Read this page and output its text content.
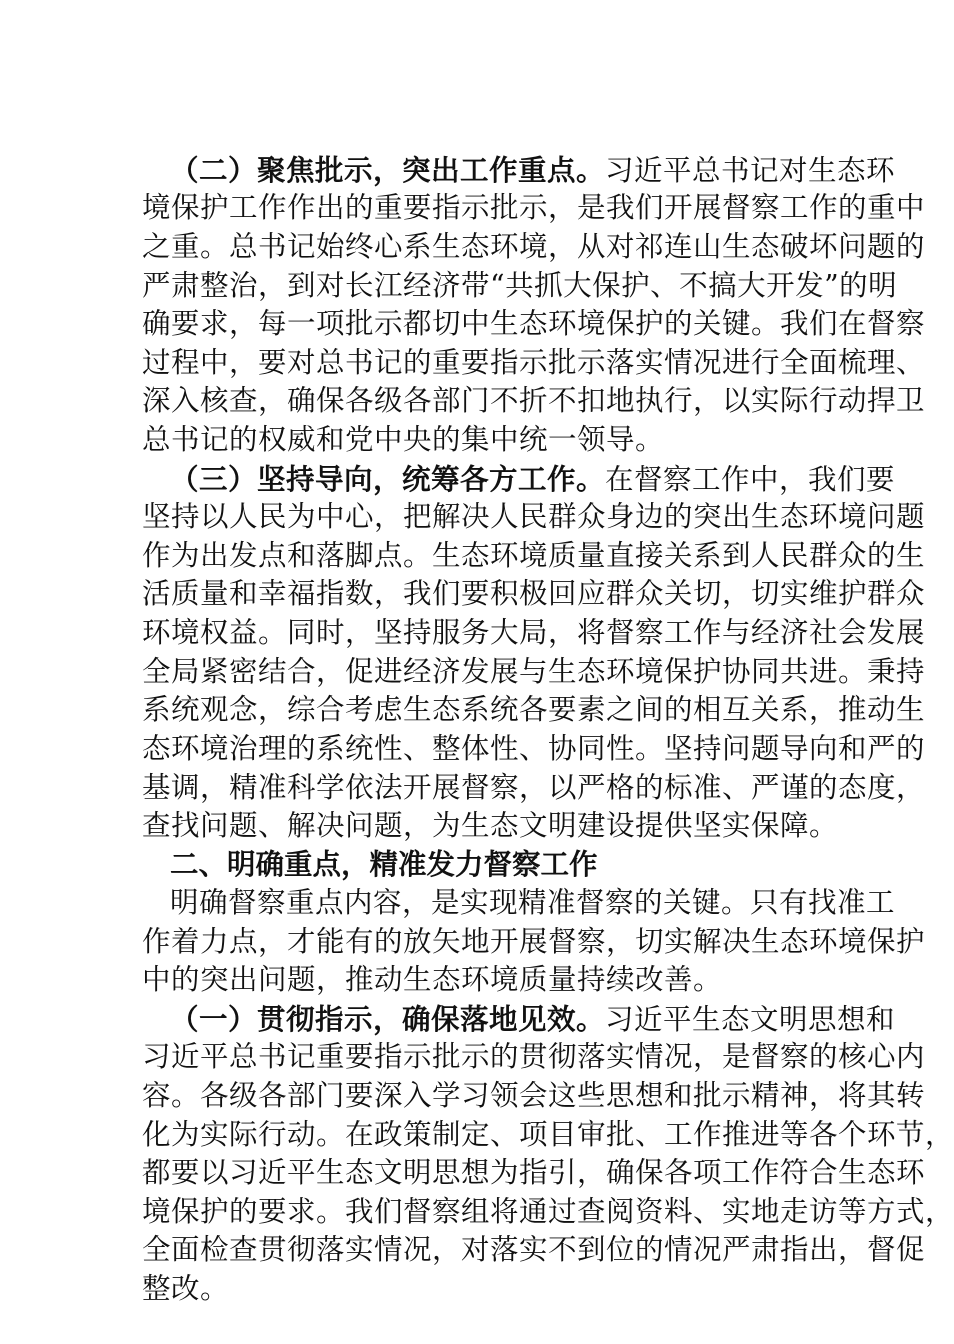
（二）聚焦批示，突出工作重点。习近平总书记对生态环
境保护工作作出的重要指示批示，是我们开展督察工作的重中
之重。总书记始终心系生态环境，从对祁连山生态破坏问题的
严肃整治，到对长江经济带“共抓大保护、不搞大开发”的明
确要求，每一项批示都切中生态环境保护的关键。我们在督察
过程中，要对总书记的重要指示批示落实情况进行全面梳理、
深入核查，确保各级各部门不折不扣地执行，以实际行动捍卫
总书记的权威和党中央的集中统一领导。
（三）坚持导向，统筹各方工作。在督察工作中，我们要
坚持以人民为中心，把解决人民群众身边的突出生态环境问题
作为出发点和落脚点。生态环境质量直接关系到人民群众的生
活质量和幸福指数，我们要积极回应群众关切，切实维护群众
环境权益。同时，坚持服务大局，将督察工作与经济社会发展
全局紧密结合，促进经济发展与生态环境保护协同共进。秉持
系统观念，综合考虑生态系统各要素之间的相互关系，推动生
态环境治理的系统性、整体性、协同性。坚持问题导向和严的
基调，精准科学依法开展督察，以严格的标准、严谨的态度，
查找问题、解决问题，为生态文明建设提供坚实保障。
二、明确重点，精准发力督察工作
明确督察重点内容，是实现精准督察的关键。只有找准工
作着力点，才能有的放矢地开展督察，切实解决生态环境保护
中的突出问题，推动生态环境质量持续改善。
（一）贯彻指示，确保落地见效。习近平生态文明思想和
习近平总书记重要指示批示的贯彻落实情况，是督察的核心内
容。各级各部门要深入学习领会这些思想和批示精神，将其转
化为实际行动。在政策制定、项目审批、工作推进等各个环节，
都要以习近平生态文明思想为指引，确保各项工作符合生态环
境保护的要求。我们督察组将通过查阅资料、实地走访等方式，
全面检查贯彻落实情况，对落实不到位的情况严肃指出，督促
整改。
